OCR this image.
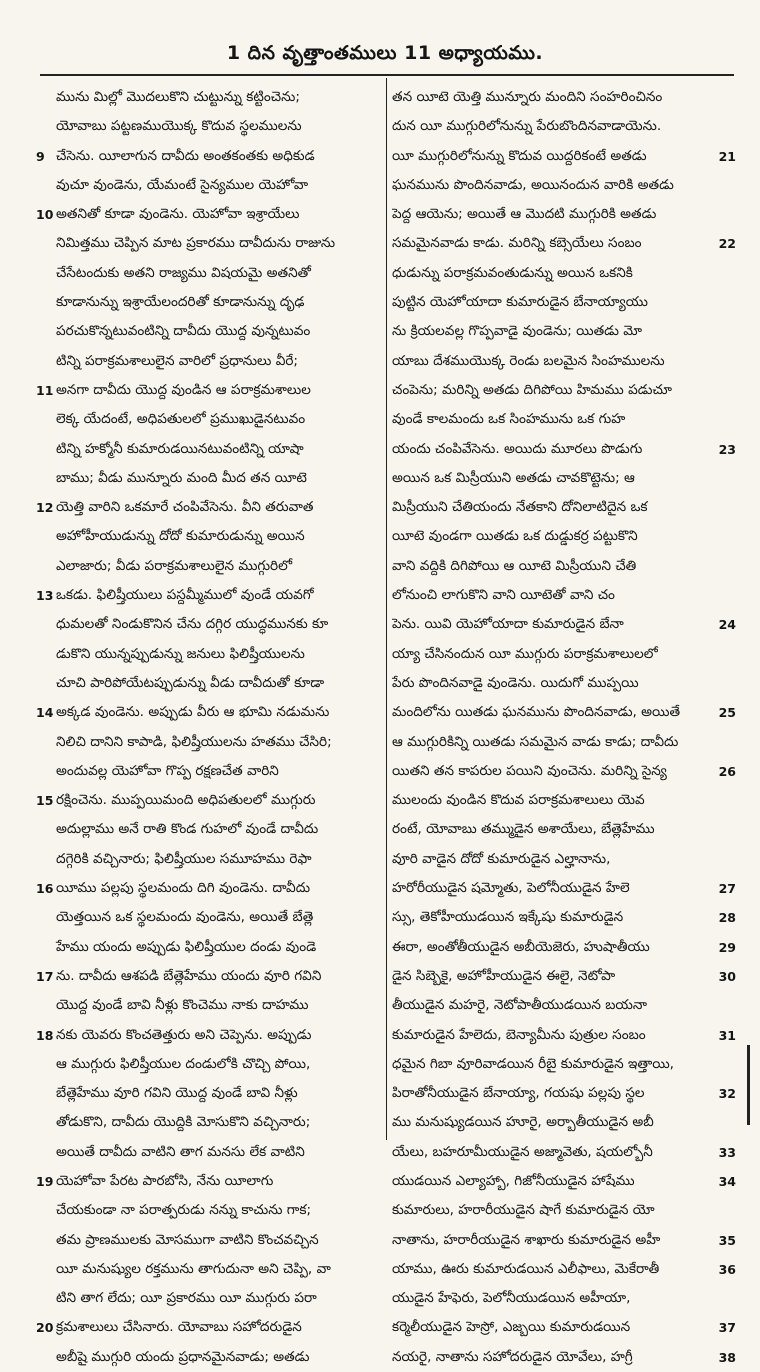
1 దిన వృత్తాంతములు 11 అధ్యాయము.
మును మిల్లో మొదలుకొని చుట్టున్ను కట్టించెను;
యోవాబు పట్టణముయొక్క కొదువ స్థలములను
9 చేసెను. యీలాగున దావీదు అంతకంతకు అధికుడ
వుచూ వుండెను, యేమంటే సైన్యముల యెహోవా
10 అతనితో కూడా వుండెను. యెహోవా ఇశ్రాయేలు
నిమిత్తము చెప్పిన మాట ప్రకారము దావీదును రాజును
చేసేటందుకు అతని రాజ్యము విషయమై అతనితో
కూడానున్ను ఇశ్రాయేలందరితో కూడానున్ను దృఢ
పరచుకొన్నటువంటిన్ని దావీదు యొద్ద వున్నటువం
టిన్ని పరాక్రమశాలులైన వారిలో ప్రధానులు వీరే;
11 అనగా దావీదు యొద్ద వుండిన ఆ పరాక్రమశాలుల
లెక్క యేదంటే, అధిపతులలో ప్రముఖుడైనటువం
టిన్ని హక్మోనీ కుమారుడయినటువంటిన్ని యాషా
బాము; వీడు మున్నూరు మంది మీద తన యీటె
12 యెత్తి వారిని ఒకమారే చంపివేసెను. వీని తరువాత
అహోహీయుడున్ను దోదో కుమారుడున్ను అయిన
ఎలాజారు; వీడు పరాక్రమశాలులైన ముగ్గురిలో
13 ఒకడు. ఫిలిష్తీయులు పస్దమ్మీములో వుండే యవగో
ధుమలతో నిండుకొనిన చేను దగ్గిర యుద్ధమునకు కూ
డుకొని యున్నప్పుడున్ను జనులు ఫిలిష్తీయులను
చూచి పారిపోయేటప్పుడున్ను వీడు దావీదుతో కూడా
14 అక్కడ వుండెను. అప్పుడు వీరు ఆ భూమి నడుమను
నిలిచి దానిని కాపాడి, ఫిలిష్తీయులను హతము చేసిరి;
అందువల్ల యెహోవా గొప్ప రక్షణచేత వారిని
15 రక్షించెను. ముప్పయిమంది అధిపతులలో ముగ్గురు
అదుల్లాము అనే రాతి కొండ గుహలో వుండే దావీదు
దగ్గెరికి వచ్చినారు; ఫిలిష్తీయుల సమూహము రెఫా
16 యీము పల్లపు స్థలమందు దిగి వుండెను. దావీదు
యెత్తయిన ఒక స్థలమందు వుండెను, అయితే బేత్లె
హేము యందు అప్పుడు ఫిలిష్తీయుల దండు వుండె
17 ను. దావీదు ఆశపడి బేత్లెహేము యందు వూరి గవిని
యొద్ద వుండే బావి నీళ్లు కొంచెము నాకు దాహము
18 నకు యెవరు కొంచతెత్తురు అని చెప్పెను. అప్పుడు
ఆ ముగ్గురు ఫిలిష్తీయుల దండులోకి చొచ్చి పోయి,
బేత్లెహేము వూరి గవిని యొద్ద వుండే బావి నీళ్లు
తోడుకొని, దావీదు యొద్దికి మోసుకొని వచ్చినారు;
అయితే దావీదు వాటిని తాగ మనసు లేక వాటిని
19 యెహోవా పేరట పారబోసి, నేను యీలాగు
చేయకుండా నా పరాత్పరుడు నన్ను కాచును గాక;
తమ ప్రాణములకు మోసముగా వాటిని కొంచవచ్చిన
యీ మనుష్యుల రక్తమును తాగుదునా అని చెప్పి, వా
టిని తాగ లేదు; యీ ప్రకారము యీ ముగ్గురు పరా
20 క్రమశాలులు చేసినారు. యోవాబు సహోదరుడైన
అబీషై ముగ్గురి యందు ప్రధానమైనవాడు; అతడు
తన యీటె యెత్తి మున్నూరు మందిని సంహరించినం
దున యీ ముగ్గురిలోనున్ను పేరుబొందినవాడాయెను.
21
యీ ముగ్గురిలోనున్ను కొదువ యిద్దరికంటే అతడు
ఘనమును పొందినవాడు, అయినందున వారికి అతడు
పెద్ద ఆయెను; అయితే ఆ మొదటి ముగ్గురికి అతడు
22
సమమైనవాడు కాడు. మరిన్ని కబ్సెయేలు సంబం
ధుడున్ను పరాక్రమవంతుడున్ను అయిన ఒకనికి
పుట్టిన యెహోయాదా కుమారుడైన బేనాయ్యాయు
ను క్రియలవల్ల గొప్పవాడై వుండెను; యితడు మో
యాబు దేశముయొక్క రెండు బలమైన సింహములను
చంపెను; మరిన్ని అతడు దిగిపోయి హిమము పడుచూ
వుండే కాలమందు ఒక సింహమును ఒక గుహ
23
యందు చంపివేసెను. అయిదు మూరలు పొడుగు
అయిన ఒక మిస్రీయుని అతడు చావకొట్టెను; ఆ
మిస్రీయుని చేతియందు నేతకాని దోనిలాటిదైన ఒక
యీటె వుండగా యితడు ఒక దుడ్డుకర్ర పట్టుకొని
వాని వద్దికి దిగిపోయి ఆ యీటె మిస్రీయుని చేతి
లోనుంచి లాగుకొని వాని యీటెతో వాని చం
24
పెను. యివి యెహోయాదా కుమారుడైన బేనా
య్యా చేసినందున యీ ముగ్గురు పరాక్రమశాలులలో
పేరు పొందినవాడై వుండెను. యిదుగో ముప్పయి
25
మందిలోను యితడు ఘనమును పొందినవాడు, అయితే
ఆ ముగ్గురికిన్ని యితడు సమమైన వాడు కాడు; దావీదు
26
యితని తన కాపరుల పయిని వుంచెను. మరిన్ని సైన్య
ములందు వుండిన కొదువ పరాక్రమశాలులు యెవ
రంటే, యోవాబు తమ్ముడైన అశాయేలు, బేత్లెహేము
వూరి వాడైన దోదో కుమారుడైన ఎల్హానాను,
27
హరోరీయుడైన షమ్మోతు, పెలోనీయుడైన హేలె
28
స్సు, తెకోహీయుడయిన ఇక్కేషు కుమారుడైన
29
ఈరా, అంతోతీయుడైన అబీయెజెరు, హుషాతీయు
30
డైన సిబ్బెకై, అహోహీయుడైన ఈలై, నెటోపా
తీయుడైన మహరై, నెటోపాతీయుడయిన బయనా
31
కుమారుడైన హేలెదు, బెన్యామీను పుత్రుల సంబం
ధమైన గిబా వూరివాడయిన రీబై కుమారుడైన ఇత్తాయి,
32
పిరాతోనీయుడైన బేనాయ్యా, గయషు పల్లపు స్థల
ము మనుష్యుడయిన హూరై, అర్బాతీయుడైన అబీ
33
యేలు, బహరూమీయుడైన అజ్మావెతు, షయల్బోనీ
34
యుడయిన ఎల్యాహ్బా, గిజోనీయుడైన హాషేము
కుమారులు, హరారీయుడైన షాగే కుమారుడైన యో
35
నాతాను, హరారీయుడైన శాఖారు కుమారుడైన అహీ
36
యాము, ఊరు కుమారుడయిన ఎలీఫాలు, మెకేరాతీ
యుడైన హేఫెరు, పెలోనీయుడయిన అహీయా,
37
కర్మెలీయుడైన హెస్రో, ఎజ్బయి కుమారుడయిన
38
నయరై, నాతాను సహోదరుడైన యోవేలు, హగ్రీ
